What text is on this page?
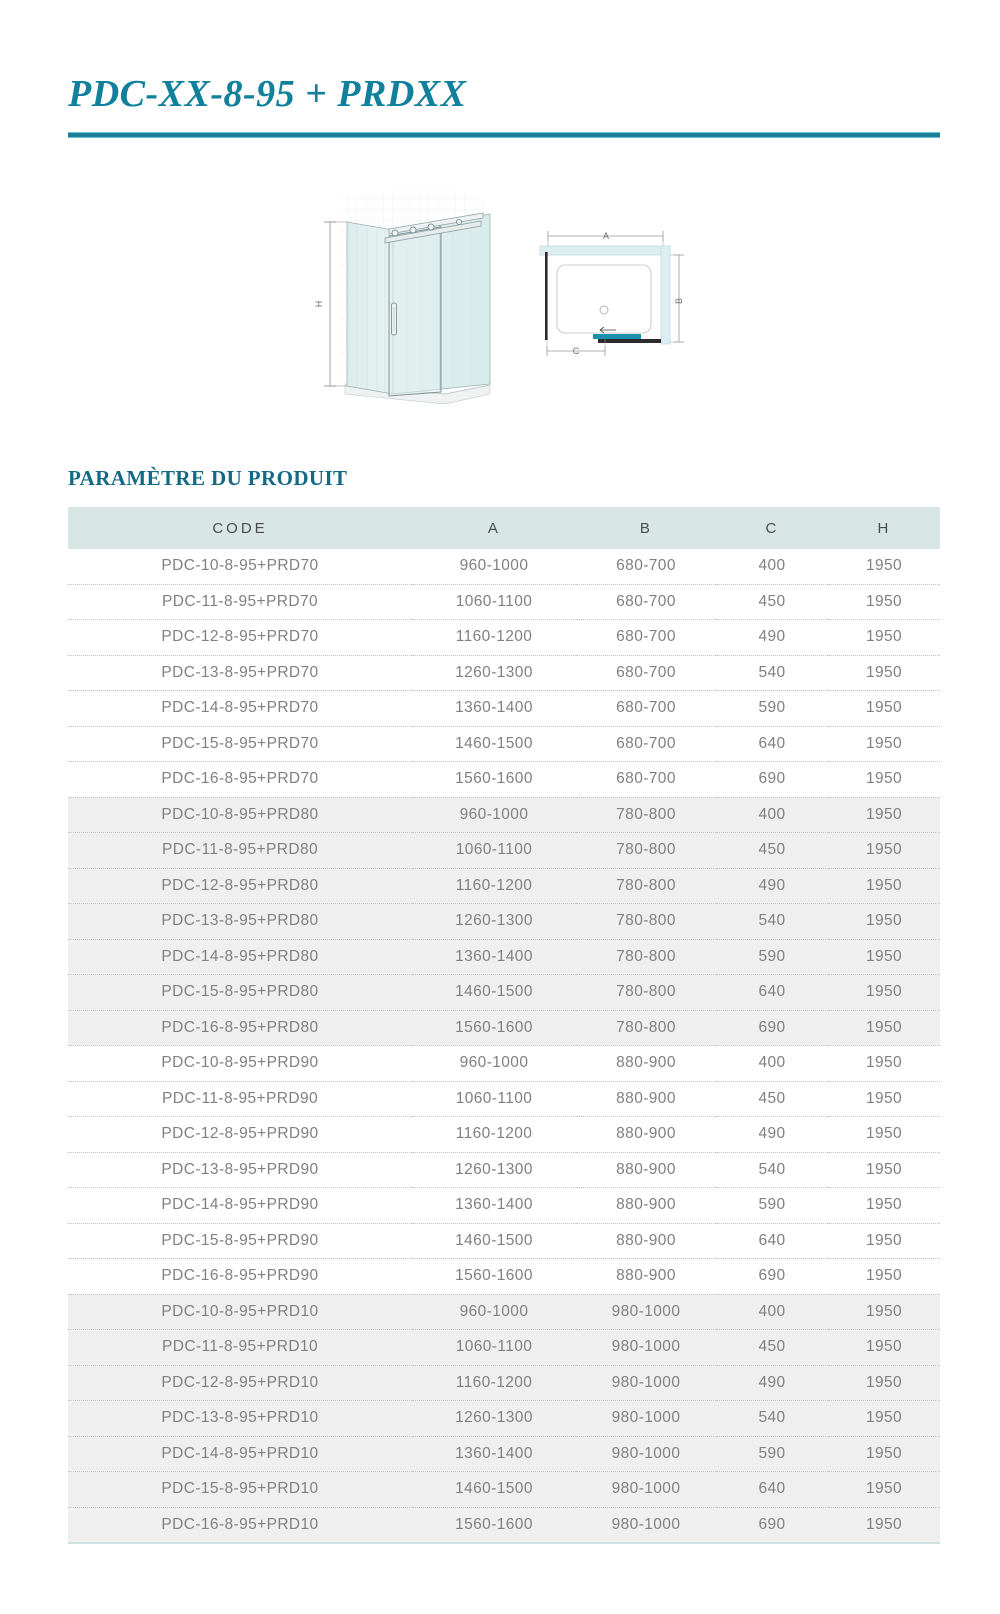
PDC-XX-8-95 + PRDXX
H
A
B
C
PARAMÈTRE DU PRODUIT
CODE	A	B	C	H
PDC-10-8-95+PRD70	960-1000	680-700	400	1950
PDC-11-8-95+PRD70	1060-1100	680-700	450	1950
PDC-12-8-95+PRD70	1160-1200	680-700	490	1950
PDC-13-8-95+PRD70	1260-1300	680-700	540	1950
PDC-14-8-95+PRD70	1360-1400	680-700	590	1950
PDC-15-8-95+PRD70	1460-1500	680-700	640	1950
PDC-16-8-95+PRD70	1560-1600	680-700	690	1950
PDC-10-8-95+PRD80	960-1000	780-800	400	1950
PDC-11-8-95+PRD80	1060-1100	780-800	450	1950
PDC-12-8-95+PRD80	1160-1200	780-800	490	1950
PDC-13-8-95+PRD80	1260-1300	780-800	540	1950
PDC-14-8-95+PRD80	1360-1400	780-800	590	1950
PDC-15-8-95+PRD80	1460-1500	780-800	640	1950
PDC-16-8-95+PRD80	1560-1600	780-800	690	1950
PDC-10-8-95+PRD90	960-1000	880-900	400	1950
PDC-11-8-95+PRD90	1060-1100	880-900	450	1950
PDC-12-8-95+PRD90	1160-1200	880-900	490	1950
PDC-13-8-95+PRD90	1260-1300	880-900	540	1950
PDC-14-8-95+PRD90	1360-1400	880-900	590	1950
PDC-15-8-95+PRD90	1460-1500	880-900	640	1950
PDC-16-8-95+PRD90	1560-1600	880-900	690	1950
PDC-10-8-95+PRD10	960-1000	980-1000	400	1950
PDC-11-8-95+PRD10	1060-1100	980-1000	450	1950
PDC-12-8-95+PRD10	1160-1200	980-1000	490	1950
PDC-13-8-95+PRD10	1260-1300	980-1000	540	1950
PDC-14-8-95+PRD10	1360-1400	980-1000	590	1950
PDC-15-8-95+PRD10	1460-1500	980-1000	640	1950
PDC-16-8-95+PRD10	1560-1600	980-1000	690	1950
